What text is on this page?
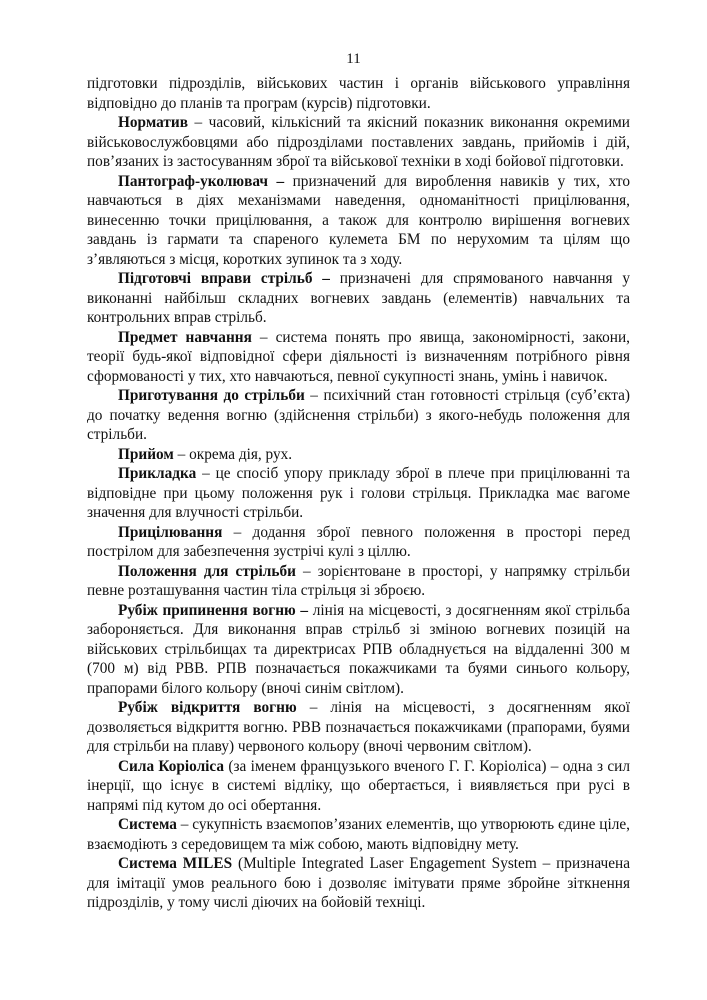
11

підготовки підрозділів, військових частин і органів військового управління відповідно до планів та програм (курсів) підготовки.

Норматив – часовий, кількісний та якісний показник виконання окремими військовослужбовцями або підрозділами поставлених завдань, прийомів і дій, пов’язаних із застосуванням зброї та військової техніки в ході бойової підготовки.

Пантограф-уколювач – призначений для вироблення навиків у тих, хто навчаються в діях механізмами наведення, одноманітності прицілювання, винесенню точки прицілювання, а також для контролю вирішення вогневих завдань із гармати та спареного кулемета БМ по нерухомим та цілям що з’являються з місця, коротких зупинок та з ходу.

Підготовчі вправи стрільб – призначені для спрямованого навчання у виконанні найбільш складних вогневих завдань (елементів) навчальних та контрольних вправ стрільб.

Предмет навчання – система понять про явища, закономірності, закони, теорії будь-якої відповідної сфери діяльності із визначенням потрібного рівня сформованості у тих, хто навчаються, певної сукупності знань, умінь і навичок.

Приготування до стрільби – психічний стан готовності стрільця (суб’єкта) до початку ведення вогню (здійснення стрільби) з якого-небудь положення для стрільби.

Прийом – окрема дія, рух.

Прикладка – це спосіб упору прикладу зброї в плече при прицілюванні та відповідне при цьому положення рук і голови стрільця. Прикладка має вагоме значення для влучності стрільби.

Прицілювання – додання зброї певного положення в просторі перед пострілом для забезпечення зустрічі кулі з ціллю.

Положення для стрільби – зорієнтоване в просторі, у напрямку стрільби певне розташування частин тіла стрільця зі зброєю.

Рубіж припинення вогню – лінія на місцевості, з досягненням якої стрільба забороняється. Для виконання вправ стрільб зі зміною вогневих позицій на військових стрільбищах та директрисах РПВ обладнується на віддаленні 300 м (700 м) від РВВ. РПВ позначається покажчиками та буями синього кольору, прапорами білого кольору (вночі синім світлом).

Рубіж відкриття вогню – лінія на місцевості, з досягненням якої дозволяється відкриття вогню. РВВ позначається покажчиками (прапорами, буями для стрільби на плаву) червоного кольору (вночі червоним світлом).

Сила Коріоліса (за іменем французького вченого Г. Г. Коріоліса) – одна з сил інерції, що існує в системі відліку, що обертається, і виявляється при русі в напрямі під кутом до осі обертання.

Система – сукупність взаємопов’язаних елементів, що утворюють єдине ціле, взаємодіють з середовищем та між собою, мають відповідну мету.

Система MILES (Multiple Integrated Laser Engagement System – призначена для імітації умов реального бою і дозволяє імітувати пряме збройне зіткнення підрозділів, у тому числі діючих на бойовій техніці.
